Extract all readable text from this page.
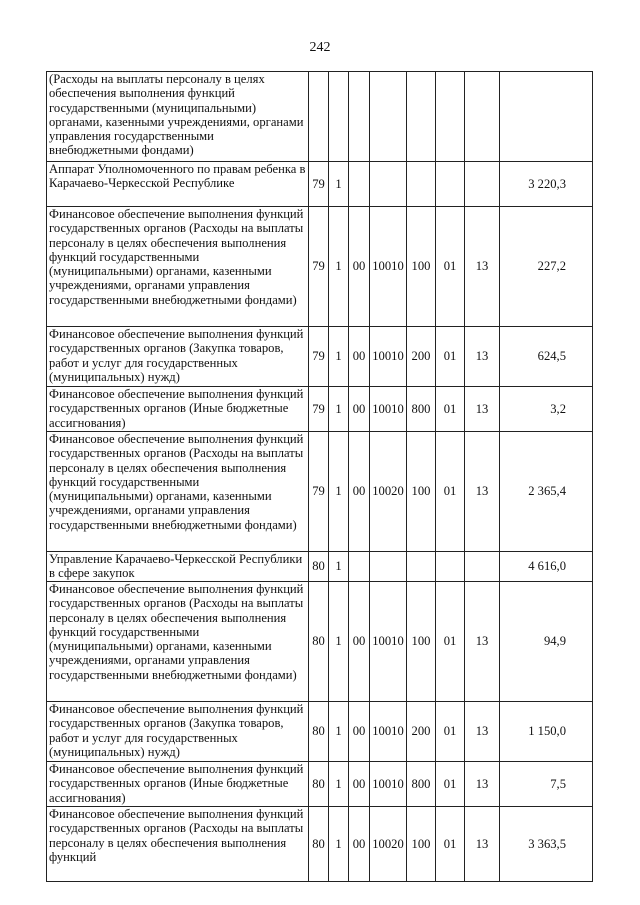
242
(Расходы на выплаты персоналу в целях обеспечения выполнения функций государственными (муниципальными) органами, казенными учреждениями, органами управления государственными внебюджетными фондами)								

Аппарат Уполномоченного по правам ребенка в Карачаево-Черкесской Республике	79	1						3 220,3

Финансовое обеспечение выполнения функций государственных органов (Расходы на выплаты персоналу в целях обеспечения выполнения функций государственными (муниципальными) органами, казенными учреждениями, органами управления государственными внебюджетными фондами)	79	1	00	10010	100	01	13	227,2

Финансовое обеспечение выполнения функций государственных органов (Закупка товаров, работ и услуг для государственных (муниципальных) нужд)	79	1	00	10010	200	01	13	624,5

Финансовое обеспечение выполнения функций государственных органов (Иные бюджетные ассигнования)	79	1	00	10010	800	01	13	3,2

Финансовое обеспечение выполнения функций государственных органов (Расходы на выплаты персоналу в целях обеспечения выполнения функций государственными (муниципальными) органами, казенными учреждениями, органами управления государственными внебюджетными фондами)	79	1	00	10020	100	01	13	2 365,4

Управление Карачаево-Черкесской Республики в сфере закупок	80	1						4 616,0

Финансовое обеспечение выполнения функций государственных органов (Расходы на выплаты персоналу в целях обеспечения выполнения функций государственными (муниципальными) органами, казенными учреждениями, органами управления государственными внебюджетными фондами)	80	1	00	10010	100	01	13	94,9

Финансовое обеспечение выполнения функций государственных органов (Закупка товаров, работ и услуг для государственных (муниципальных) нужд)	80	1	00	10010	200	01	13	1 150,0

Финансовое обеспечение выполнения функций государственных органов (Иные бюджетные ассигнования)	80	1	00	10010	800	01	13	7,5

Финансовое обеспечение выполнения функций государственных органов (Расходы на выплаты персоналу в целях обеспечения выполнения функций	80	1	00	10020	100	01	13	3 363,5
